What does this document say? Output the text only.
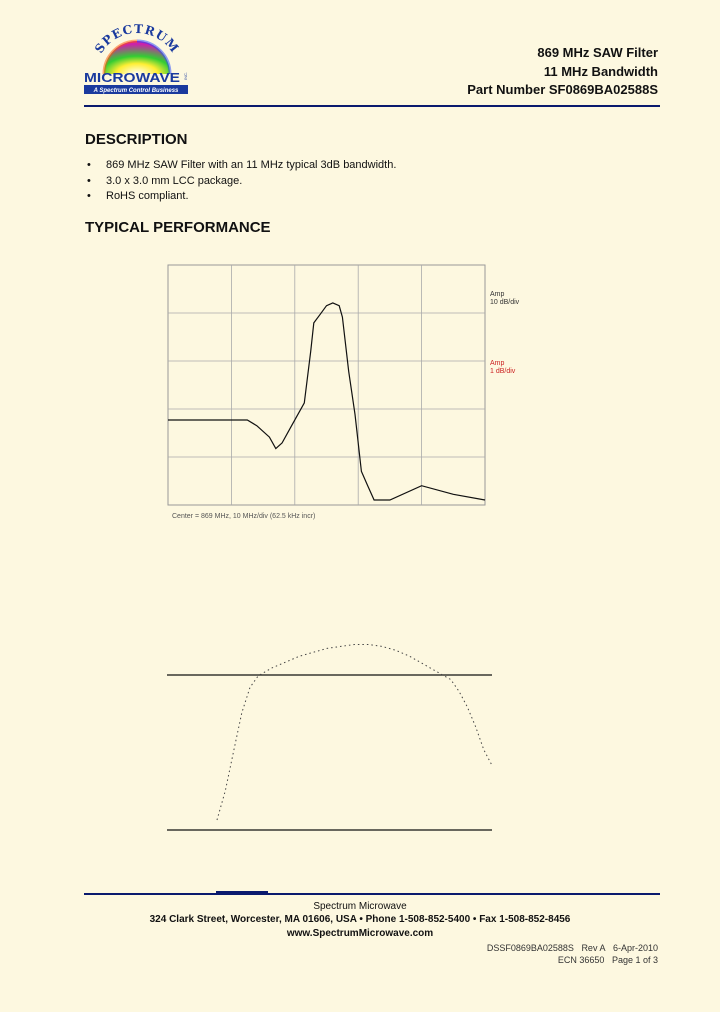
SPECTRUM
MICROWAVE INC.
A Spectrum Control Business
869 MHz SAW Filter
11 MHz Bandwidth
Part Number SF0869BA02588S
DESCRIPTION
• 869 MHz SAW Filter with an 11 MHz typical 3dB bandwidth.
• 3.0 x 3.0 mm LCC package.
• RoHS compliant.
TYPICAL PERFORMANCE
Center = 869 MHz, 10 MHz/div (62.5 kHz incr)
Amp
10 dB/div
Amp
1 dB/div
Spectrum Microwave
324 Clark Street, Worcester, MA 01606, USA • Phone 1-508-852-5400 • Fax 1-508-852-8456
www.SpectrumMicrowave.com
DSSF0869BA02588S Rev A 6-Apr-2010
ECN 36650 Page 1 of 3
